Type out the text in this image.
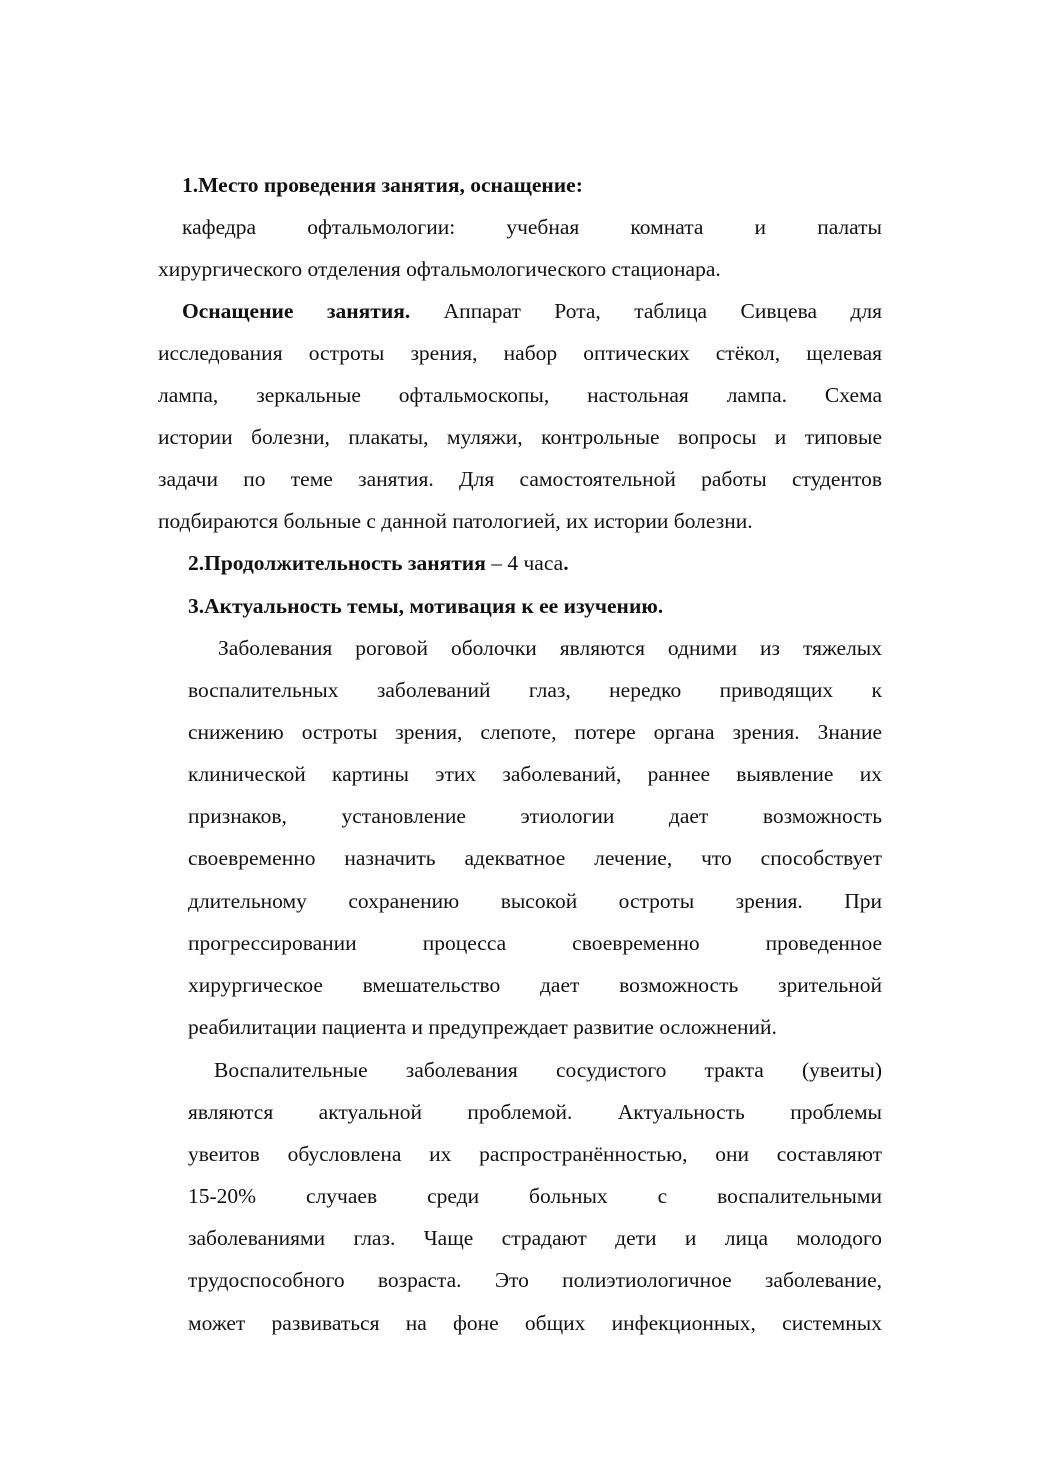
1.Место проведения занятия, оснащение:
кафедра офтальмологии: учебная комната и палаты
хирургического отделения офтальмологического стационара.
Оснащение занятия. Аппарат Рота, таблица Сивцева для
исследования остроты зрения, набор оптических стёкол, щелевая
лампа, зеркальные офтальмоскопы, настольная лампа. Схема
истории болезни, плакаты, муляжи, контрольные вопросы и типовые
задачи по теме занятия. Для самостоятельной работы студентов
подбираются больные с данной патологией, их истории болезни.
2.Продолжительность занятия – 4 часа.
3.Актуальность темы, мотивация к ее изучению.
Заболевания роговой оболочки являются одними из тяжелых
воспалительных заболеваний глаз, нередко приводящих к
снижению остроты зрения, слепоте, потере органа зрения. Знание
клинической картины этих заболеваний, раннее выявление их
признаков, установление этиологии дает возможность
своевременно назначить адекватное лечение, что способствует
длительному сохранению высокой остроты зрения. При
прогрессировании процесса своевременно проведенное
хирургическое вмешательство дает возможность зрительной
реабилитации пациента и предупреждает развитие осложнений.
Воспалительные заболевания сосудистого тракта (увеиты)
являются актуальной проблемой. Актуальность проблемы
увеитов обусловлена их распространённостью, они составляют
15-20% случаев среди больных с воспалительными
заболеваниями глаз. Чаще страдают дети и лица молодого
трудоспособного возраста. Это полиэтиологичное заболевание,
может развиваться на фоне общих инфекционных, системных
